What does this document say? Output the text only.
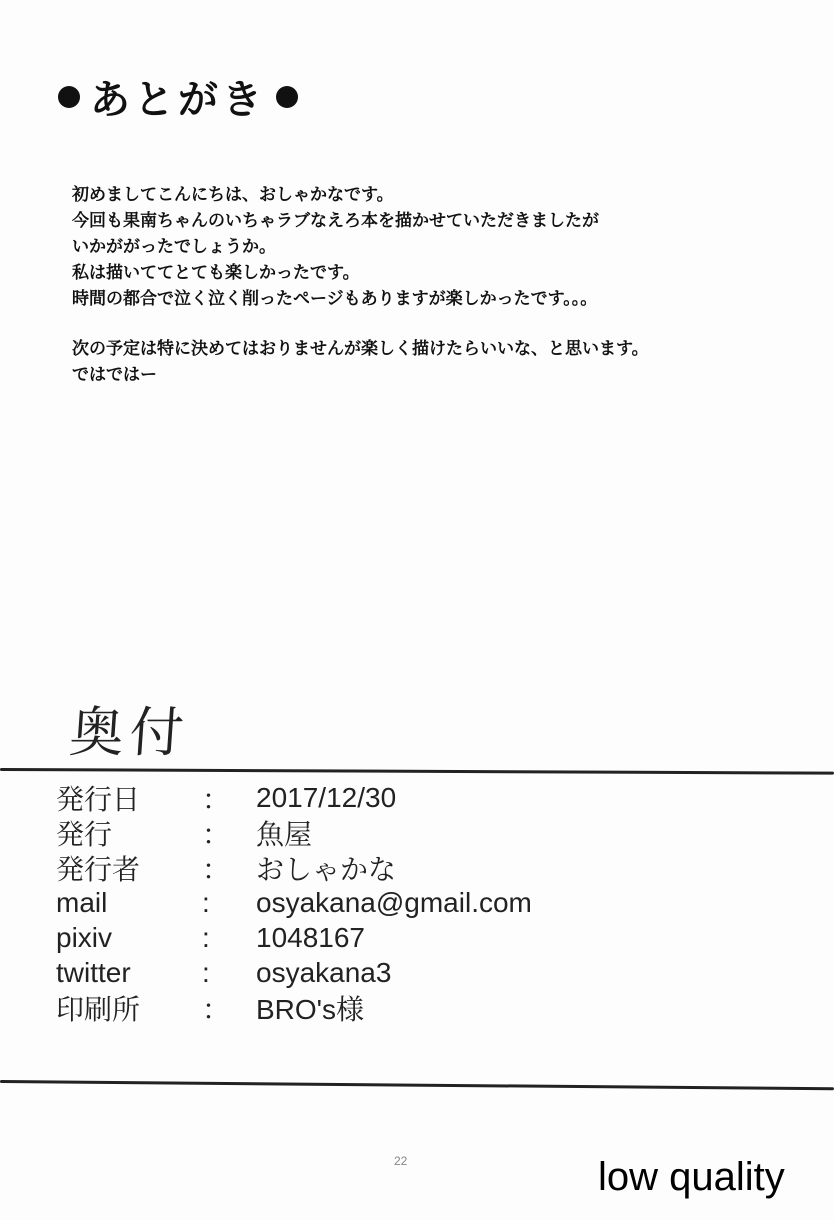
あとがき
初めましてこんにちは、おしゃかなです。
今回も果南ちゃんのいちゃラブなえろ本を描かせていただきましたが
いかががったでしょうか。
私は描いててとても楽しかったです。
時間の都合で泣く泣く削ったページもありますが楽しかったです。。。
次の予定は特に決めてはおりませんが楽しく描けたらいいな、と思います。
ではではー
奥付
発行日	： 2017/12/30
発行	： 魚屋
発行者	： おしゃかな
mail	:	osyakana@gmail.com
pixiv	:	1048167
twitter	:	osyakana3
印刷所	： BRO's様
22	low quality
